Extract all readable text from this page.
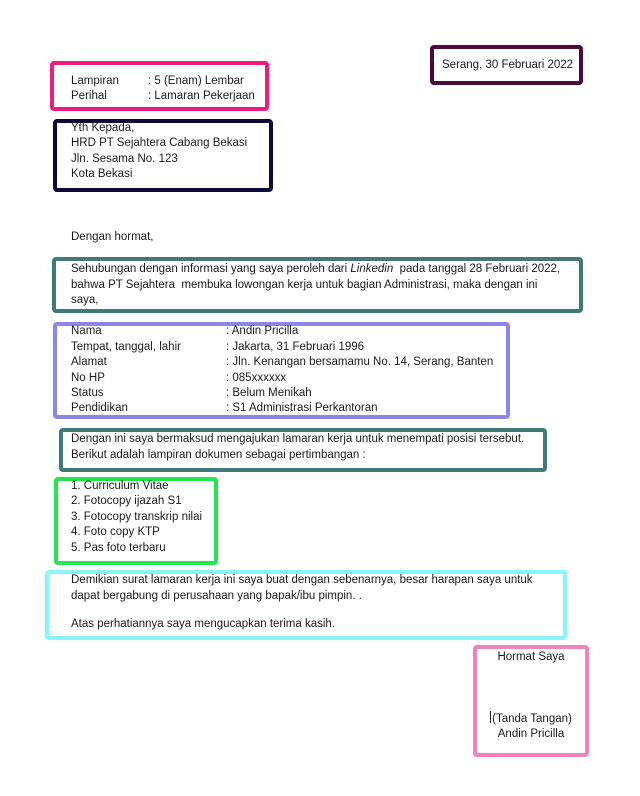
Serang, 30 Februari 2022
Lampiran	: 5 (Enam) Lembar
Perihal	: Lamaran Pekerjaan
Yth Kepada,
HRD PT Sejahtera Cabang Bekasi
Jln. Sesama No. 123
Kota Bekasi
Dengan hormat,
Sehubungan dengan informasi yang saya peroleh dari Linkedin  pada tanggal 28 Februari 2022,
bahwa PT Sejahtera  membuka lowongan kerja untuk bagian Administrasi, maka dengan ini
saya,
Nama	: Andin Pricilla
Tempat, tanggal, lahir	: Jakarta, 31 Februari 1996
Alamat	: Jln. Kenangan bersamamu No. 14, Serang, Banten
No HP	: 085xxxxxx
Status	: Belum Menikah
Pendidikan	: S1 Administrasi Perkantoran
Dengan ini saya bermaksud mengajukan lamaran kerja untuk menempati posisi tersebut.
Berikut adalah lampiran dokumen sebagai pertimbangan :
1. Curriculum Vitae
2. Fotocopy ijazah S1
3. Fotocopy transkrip nilai
4. Foto copy KTP
5. Pas foto terbaru
Demikian surat lamaran kerja ini saya buat dengan sebenarnya, besar harapan saya untuk
dapat bergabung di perusahaan yang bapak/ibu pimpin. .
Atas perhatiannya saya mengucapkan terima kasih.
Hormat Saya
(Tanda Tangan)
Andin Pricilla
